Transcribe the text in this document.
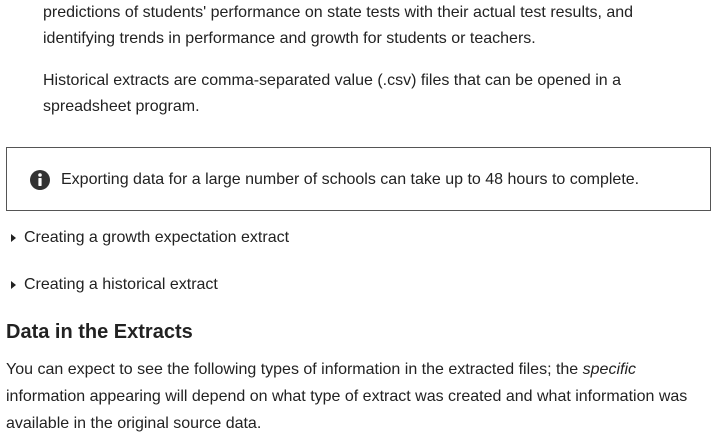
predictions of students' performance on state tests with their actual test results, and identifying trends in performance and growth for students or teachers.

Historical extracts are comma-separated value (.csv) files that can be opened in a spreadsheet program.

Exporting data for a large number of schools can take up to 48 hours to complete.
Creating a growth expectation extract
Creating a historical extract
Data in the Extracts

You can expect to see the following types of information in the extracted files; the specific information appearing will depend on what type of extract was created and what information was available in the original source data.
